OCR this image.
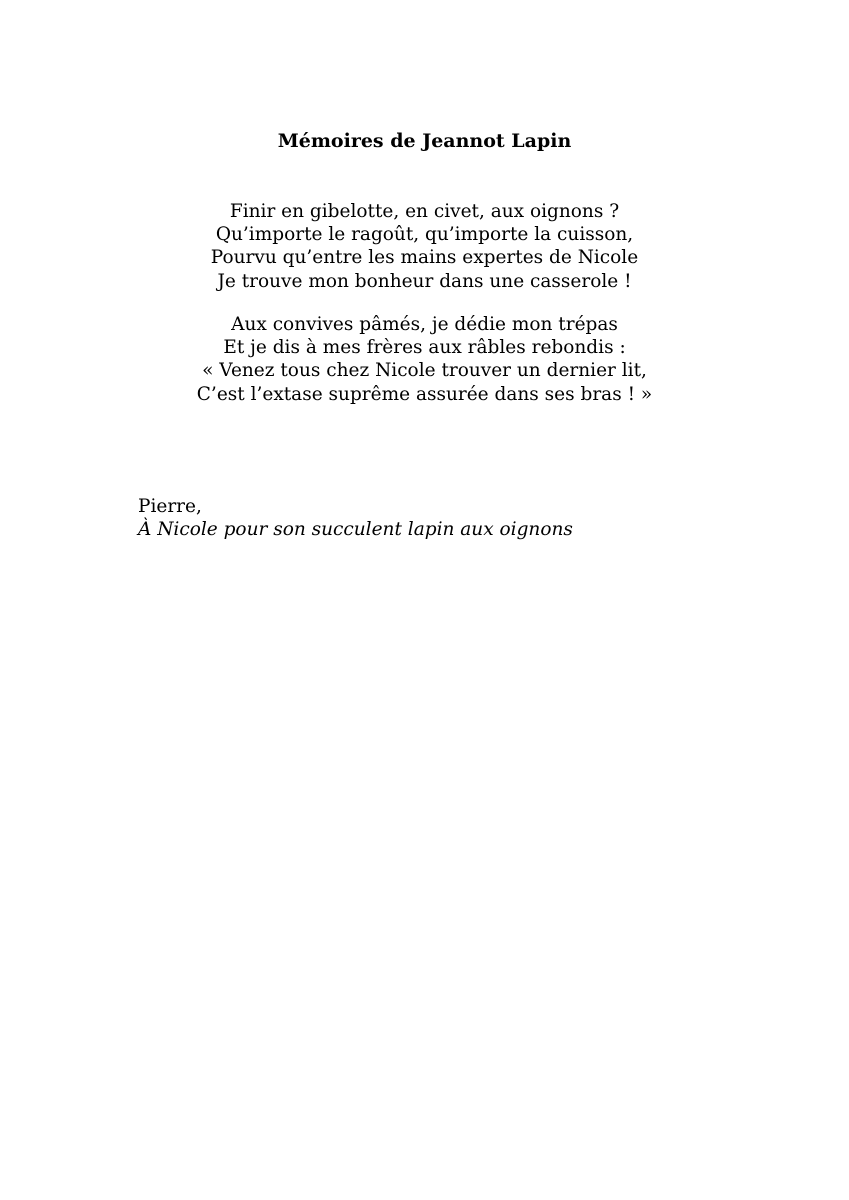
Mémoires de Jeannot Lapin
Finir en gibelotte, en civet, aux oignons ?
Qu’importe le ragoût, qu’importe la cuisson,
Pourvu qu’entre les mains expertes de Nicole
Je trouve mon bonheur dans une casserole !
Aux convives pâmés, je dédie mon trépas
Et je dis à mes frères aux râbles rebondis :
« Venez tous chez Nicole trouver un dernier lit,
C’est l’extase suprême assurée dans ses bras ! »
Pierre,
À Nicole pour son succulent lapin aux oignons
